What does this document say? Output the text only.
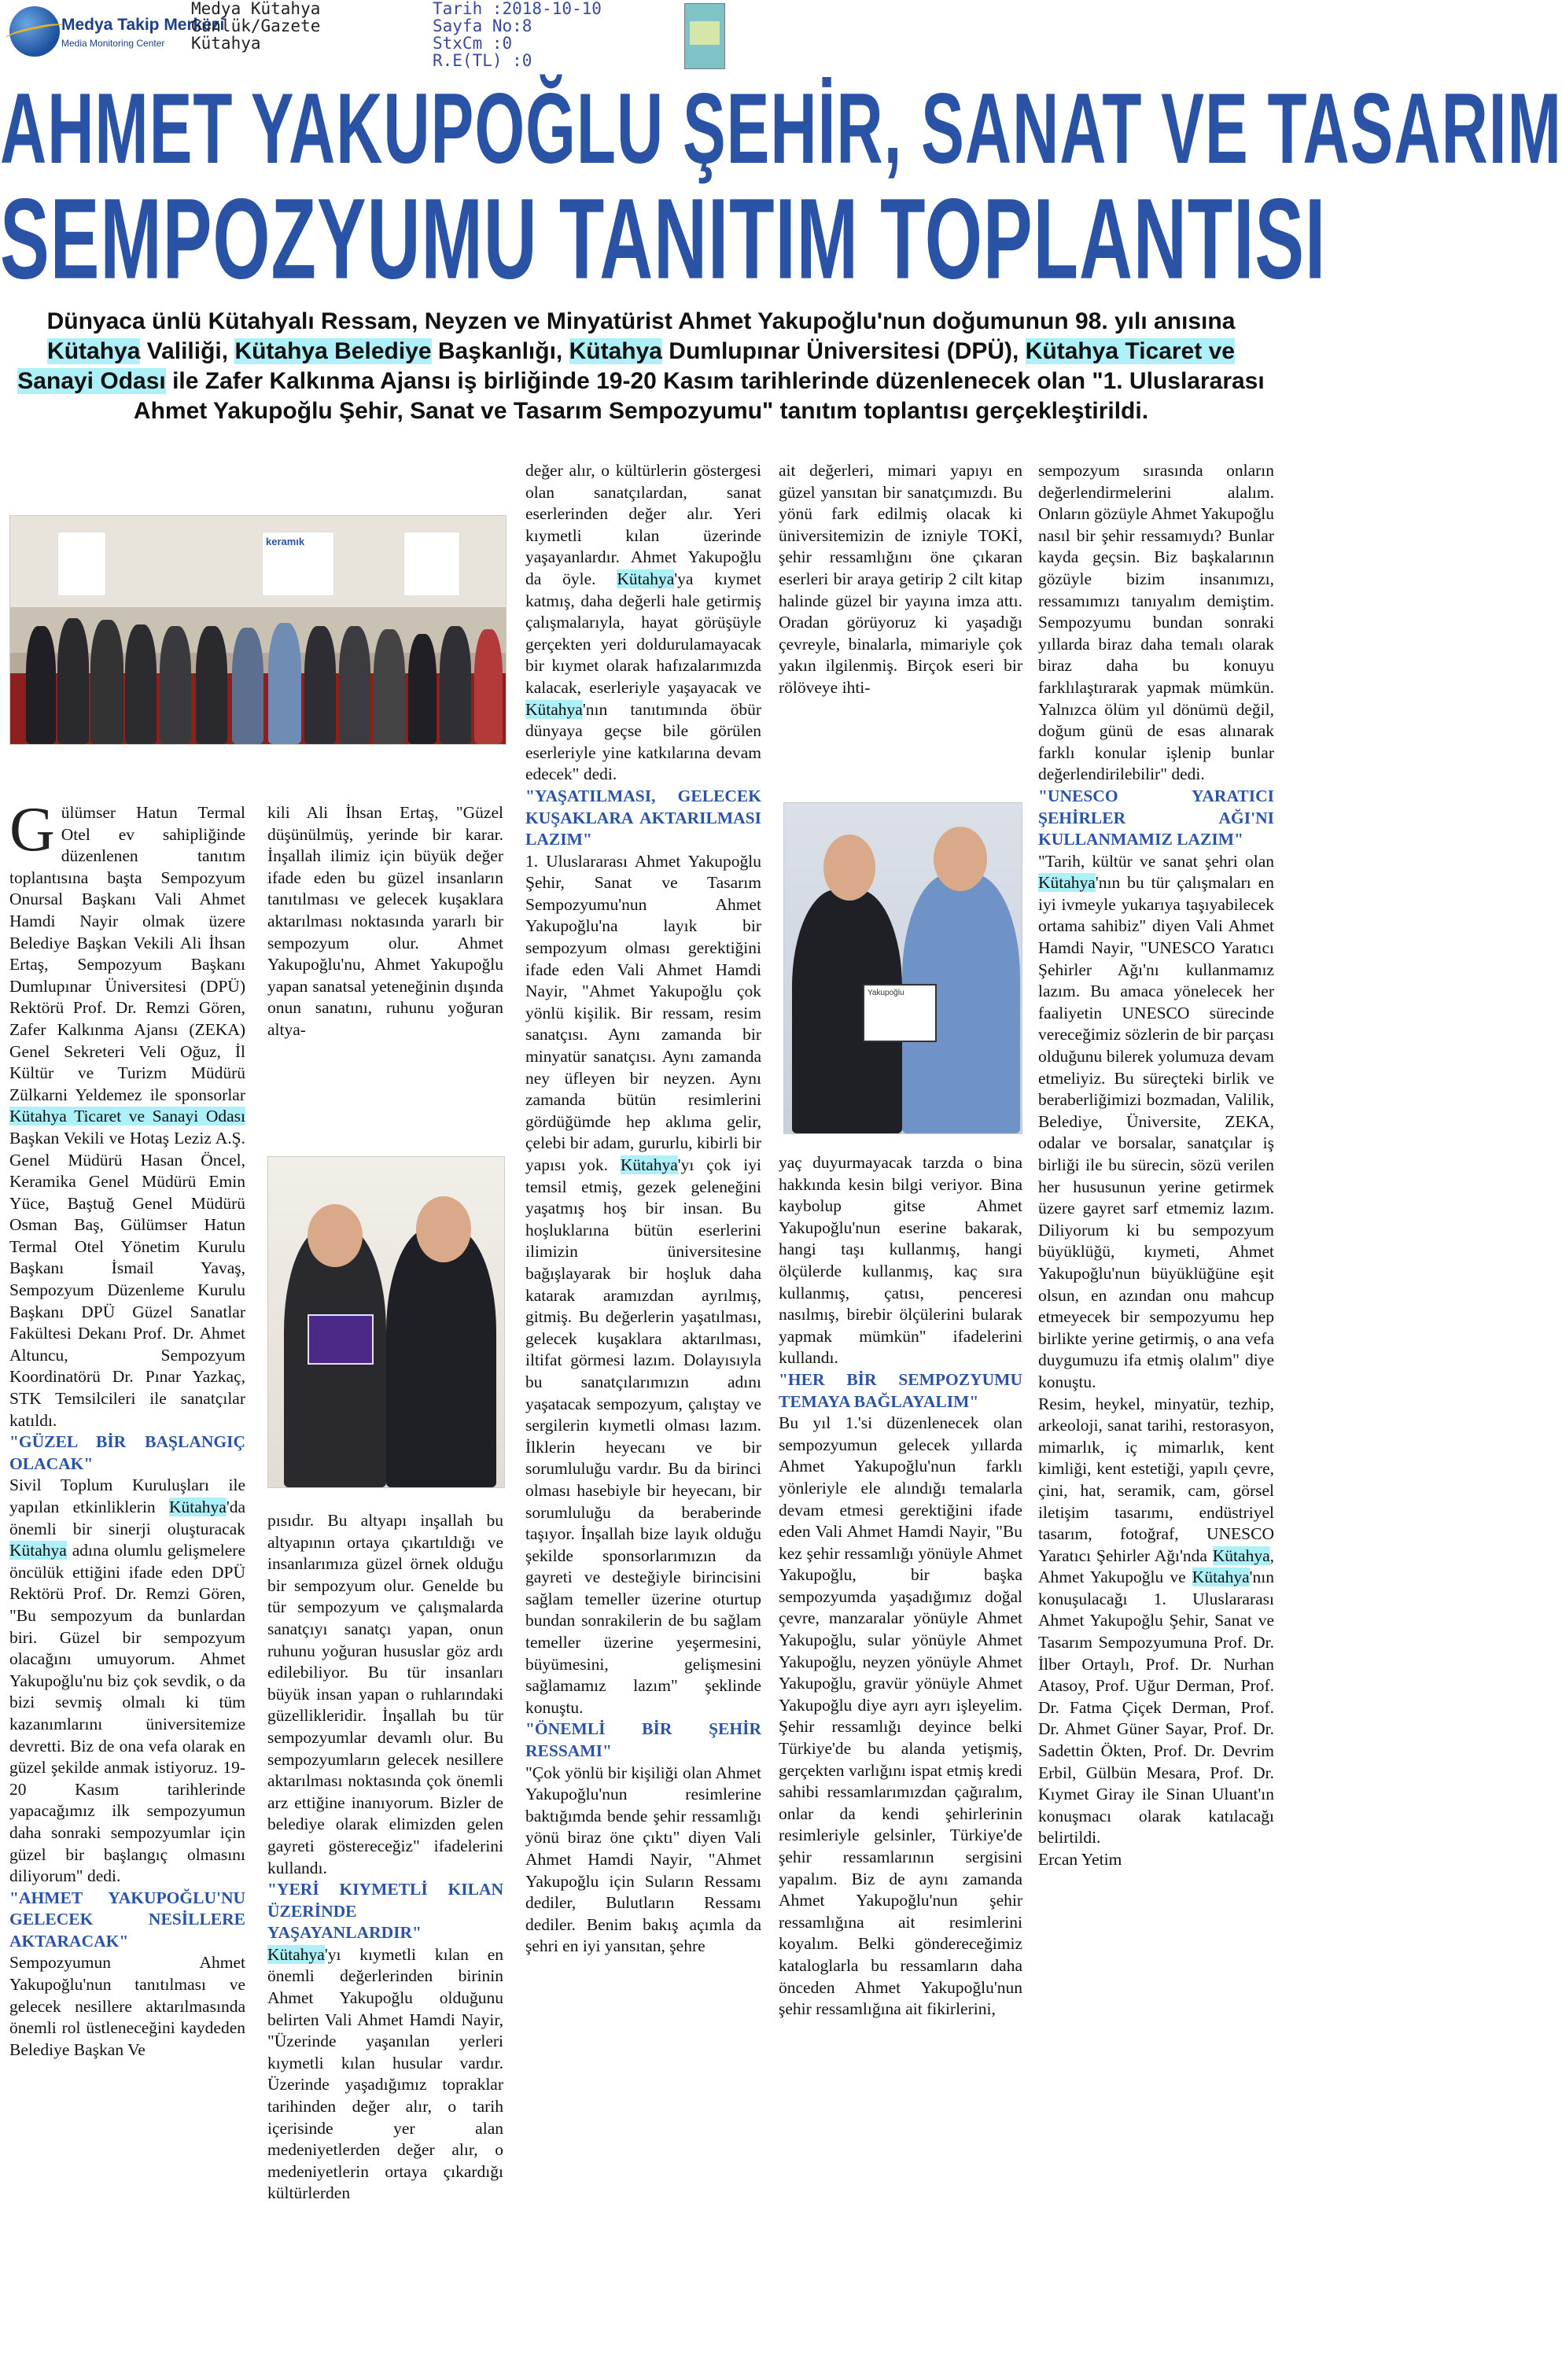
Medya Takip Merkezi
Media Monitoring Center
Medya Kütahya
Günlük/Gazete
Kütahya
Tarih :2018-10-10
Sayfa No:8
StxCm :0
R.E(TL) :0
AHMET YAKUPOĞLU ŞEHİR, SANAT VE TASARIM
SEMPOZYUMU TANITIM TOPLANTISI
Dünyaca ünlü Kütahyalı Ressam, Neyzen ve Minyatürist Ahmet Yakupoğlu'nun doğumunun 98. yılı anısına Kütahya Valiliği, Kütahya Belediye Başkanlığı, Kütahya Dumlupınar Üniversitesi (DPÜ), Kütahya Ticaret ve Sanayi Odası ile Zafer Kalkınma Ajansı iş birliğinde 19-20 Kasım tarihlerinde düzenlenecek olan "1. Uluslararası Ahmet Yakupoğlu Şehir, Sanat ve Tasarım Sempozyumu" tanıtım toplantısı gerçekleştirildi.
keramık
Yakupoğlu

Gülümser Hatun Termal Otel ev sahipliğinde düzenlenen tanıtım toplantısına başta Sempozyum Onursal Başkanı Vali Ahmet Hamdi Nayir olmak üzere Belediye Başkan Vekili Ali İhsan Ertaş, Sempozyum Başkanı Dumlupınar Üniversitesi (DPÜ) Rektörü Prof. Dr. Remzi Gören, Zafer Kalkınma Ajansı (ZEKA) Genel Sekreteri Veli Oğuz, İl Kültür ve Turizm Müdürü Zülkarni Yeldemez ile sponsorlar Kütahya Ticaret ve Sanayi Odası Başkan Vekili ve Hotaş Leziz A.Ş. Genel Müdürü Hasan Öncel, Keramika Genel Müdürü Emin Yüce, Baştuğ Genel Müdürü Osman Baş, Gülümser Hatun Termal Otel Yönetim Kurulu Başkanı İsmail Yavaş, Sempozyum Düzenleme Kurulu Başkanı DPÜ Güzel Sanatlar Fakültesi Dekanı Prof. Dr. Ahmet Altuncu, Sempozyum Koordinatörü Dr. Pınar Yazkaç, STK Temsilcileri ile sanatçılar katıldı.

"GÜZEL BİR BAŞLANGIÇ OLACAK"

Sivil Toplum Kuruluşları ile yapılan etkinliklerin Kütahya'da önemli bir sinerji oluşturacak Kütahya adına olumlu gelişmelere öncülük ettiğini ifade eden DPÜ Rektörü Prof. Dr. Remzi Gören, "Bu sempozyum da bunlardan biri. Güzel bir sempozyum olacağını umuyorum. Ahmet Yakupoğlu'nu biz çok sevdik, o da bizi sevmiş olmalı ki tüm kazanımlarını üniversitemize devretti. Biz de ona vefa olarak en güzel şekilde anmak istiyoruz. 19-20 Kasım tarihlerinde yapacağımız ilk sempozyumun daha sonraki sempozyumlar için güzel bir başlangıç olmasını diliyorum" dedi.

"AHMET YAKUPOĞLU'NU GELECEK NESİLLERE AKTARACAK"

Sempozyumun Ahmet Yakupoğlu'nun tanıtılması ve gelecek nesillere aktarılmasında önemli rol üstleneceğini kaydeden Belediye Başkan Ve

kili Ali İhsan Ertaş, "Güzel düşünülmüş, yerinde bir karar. İnşallah ilimiz için büyük değer ifade eden bu güzel insanların tanıtılması ve gelecek kuşaklara aktarılması noktasında yararlı bir sempozyum olur. Ahmet Yakupoğlu'nu, Ahmet Yakupoğlu yapan sanatsal yeteneğinin dışında onun sanatını, ruhunu yoğuran altya-

pısıdır. Bu altyapı inşallah bu altyapının ortaya çıkartıldığı ve insanlarımıza güzel örnek olduğu bir sempozyum olur. Genelde bu tür sempozyum ve çalışmalarda sanatçıyı sanatçı yapan, onun ruhunu yoğuran hususlar göz ardı edilebiliyor. Bu tür insanları büyük insan yapan o ruhlarındaki güzellikleridir. İnşallah bu tür sempozyumlar devamlı olur. Bu sempozyumların gelecek nesillere aktarılması noktasında çok önemli arz ettiğine inanıyorum. Bizler de belediye olarak elimizden gelen gayreti göstereceğiz" ifadelerini kullandı.

"YERİ KIYMETLİ KILAN ÜZERİNDE YAŞAYANLARDIR"

Kütahya'yı kıymetli kılan en önemli değerlerinden birinin Ahmet Yakupoğlu olduğunu belirten Vali Ahmet Hamdi Nayir, "Üzerinde yaşanılan yerleri kıymetli kılan husular vardır. Üzerinde yaşadığımız topraklar tarihinden değer alır, o tarih içerisinde yer alan medeniyetlerden değer alır, o medeniyetlerin ortaya çıkardığı kültürlerden

değer alır, o kültürlerin göstergesi olan sanatçılardan, sanat eserlerinden değer alır. Yeri kıymetli kılan üzerinde yaşayanlardır. Ahmet Yakupoğlu da öyle. Kütahya'ya kıymet katmış, daha değerli hale getirmiş çalışmalarıyla, hayat görüşüyle gerçekten yeri doldurulamayacak bir kıymet olarak hafızalarımızda kalacak, eserleriyle yaşayacak ve Kütahya'nın tanıtımında öbür dünyaya geçse bile görülen eserleriyle yine katkılarına devam edecek" dedi.

"YAŞATILMASI, GELECEK KUŞAKLARA AKTARILMASI LAZIM"

1. Uluslararası Ahmet Yakupoğlu Şehir, Sanat ve Tasarım Sempozyumu'nun Ahmet Yakupoğlu'na layık bir sempozyum olması gerektiğini ifade eden Vali Ahmet Hamdi Nayir, "Ahmet Yakupoğlu çok yönlü kişilik. Bir ressam, resim sanatçısı. Aynı zamanda bir minyatür sanatçısı. Aynı zamanda ney üfleyen bir neyzen. Aynı zamanda bütün resimlerini gördüğümde hep aklıma gelir, çelebi bir adam, gururlu, kibirli bir yapısı yok. Kütahya'yı çok iyi temsil etmiş, gezek geleneğini yaşatmış hoş bir insan. Bu hoşluklarına bütün eserlerini ilimizin üniversitesine bağışlayarak bir hoşluk daha katarak aramızdan ayrılmış, gitmiş. Bu değerlerin yaşatılması, gelecek kuşaklara aktarılması, iltifat görmesi lazım. Dolayısıyla bu sanatçılarımızın adını yaşatacak sempozyum, çalıştay ve sergilerin kıymetli olması lazım. İlklerin heyecanı ve bir sorumluluğu vardır. Bu da birinci olması hasebiyle bir heyecanı, bir sorumluluğu da beraberinde taşıyor. İnşallah bize layık olduğu şekilde sponsorlarımızın da gayreti ve desteğiyle birincisini sağlam temeller üzerine oturtup bundan sonrakilerin de bu sağlam temeller üzerine yeşermesini, büyümesini, gelişmesini sağlamamız lazım" şeklinde konuştu.

"ÖNEMLİ BİR ŞEHİR RESSAMI"

"Çok yönlü bir kişiliği olan Ahmet Yakupoğlu'nun resimlerine baktığımda bende şehir ressamlığı yönü biraz öne çıktı" diyen Vali Ahmet Hamdi Nayir, "Ahmet Yakupoğlu için Suların Ressamı dediler, Bulutların Ressamı dediler. Benim bakış açımla da şehri en iyi yansıtan, şehre

ait değerleri, mimari yapıyı en güzel yansıtan bir sanatçımızdı. Bu yönü fark edilmiş olacak ki üniversitemizin de izniyle TOKİ, şehir ressamlığını öne çıkaran eserleri bir araya getirip 2 cilt kitap halinde güzel bir yayına imza attı. Oradan görüyoruz ki yaşadığı çevreyle, binalarla, mimariyle çok yakın ilgilenmiş. Birçok eseri bir rölöveye ihti-

yaç duyurmayacak tarzda o bina hakkında kesin bilgi veriyor. Bina kaybolup gitse Ahmet Yakupoğlu'nun eserine bakarak, hangi taşı kullanmış, hangi ölçülerde kullanmış, kaç sıra kullanmış, çatısı, penceresi nasılmış, birebir ölçülerini bularak yapmak mümkün" ifadelerini kullandı.

"HER BİR SEMPOZYUMU TEMAYA BAĞLAYALIM"

Bu yıl 1.'si düzenlenecek olan sempozyumun gelecek yıllarda Ahmet Yakupoğlu'nun farklı yönleriyle ele alındığı temalarla devam etmesi gerektiğini ifade eden Vali Ahmet Hamdi Nayir, "Bu kez şehir ressamlığı yönüyle Ahmet Yakupoğlu, bir başka sempozyumda yaşadığımız doğal çevre, manzaralar yönüyle Ahmet Yakupoğlu, sular yönüyle Ahmet Yakupoğlu, neyzen yönüyle Ahmet Yakupoğlu, gravür yönüyle Ahmet Yakupoğlu diye ayrı ayrı işleyelim. Şehir ressamlığı deyince belki Türkiye'de bu alanda yetişmiş, gerçekten varlığını ispat etmiş kredi sahibi ressamlarımızdan çağıralım, onlar da kendi şehirlerinin resimleriyle gelsinler, Türkiye'de şehir ressamlarının sergisini yapalım. Biz de aynı zamanda Ahmet Yakupoğlu'nun şehir ressamlığına ait resimlerini koyalım. Belki göndereceğimiz kataloglarla bu ressamların daha önceden Ahmet Yakupoğlu'nun şehir ressamlığına ait fikirlerini,

sempozyum sırasında onların değerlendirmelerini alalım. Onların gözüyle Ahmet Yakupoğlu nasıl bir şehir ressamıydı? Bunlar kayda geçsin. Biz başkalarının gözüyle bizim insanımızı, ressamımızı tanıyalım demiştim. Sempozyumu bundan sonraki yıllarda biraz daha temalı olarak biraz daha bu konuyu farklılaştırarak yapmak mümkün. Yalnızca ölüm yıl dönümü değil, doğum günü de esas alınarak farklı konular işlenip bunlar değerlendirilebilir" dedi.

"UNESCO YARATICI ŞEHİRLER AĞI'NI KULLANMAMIZ LAZIM"

"Tarih, kültür ve sanat şehri olan Kütahya'nın bu tür çalışmaları en iyi ivmeyle yukarıya taşıyabilecek ortama sahibiz" diyen Vali Ahmet Hamdi Nayir, "UNESCO Yaratıcı Şehirler Ağı'nı kullanmamız lazım. Bu amaca yönelecek her faaliyetin UNESCO sürecinde vereceğimiz sözlerin de bir parçası olduğunu bilerek yolumuza devam etmeliyiz. Bu süreçteki birlik ve beraberliğimizi bozmadan, Valilik, Belediye, Üniversite, ZEKA, odalar ve borsalar, sanatçılar iş birliği ile bu sürecin, sözü verilen her hususunun yerine getirmek üzere gayret sarf etmemiz lazım. Diliyorum ki bu sempozyum büyüklüğü, kıymeti, Ahmet Yakupoğlu'nun büyüklüğüne eşit olsun, en azından onu mahcup etmeyecek bir sempozyumu hep birlikte yerine getirmiş, o ana vefa duygumuzu ifa etmiş olalım" diye konuştu.

Resim, heykel, minyatür, tezhip, arkeoloji, sanat tarihi, restorasyon, mimarlık, iç mimarlık, kent kimliği, kent estetiği, yapılı çevre, çini, hat, seramik, cam, görsel iletişim tasarımı, endüstriyel tasarım, fotoğraf, UNESCO Yaratıcı Şehirler Ağı'nda Kütahya, Ahmet Yakupoğlu ve Kütahya'nın konuşulacağı 1. Uluslararası Ahmet Yakupoğlu Şehir, Sanat ve Tasarım Sempozyumuna Prof. Dr. İlber Ortaylı, Prof. Dr. Nurhan Atasoy, Prof. Uğur Derman, Prof. Dr. Fatma Çiçek Derman, Prof. Dr. Ahmet Güner Sayar, Prof. Dr. Sadettin Ökten, Prof. Dr. Devrim Erbil, Gülbün Mesara, Prof. Dr. Kıymet Giray ile Sinan Uluant'ın konuşmacı olarak katılacağı belirtildi.

Ercan Yetim
